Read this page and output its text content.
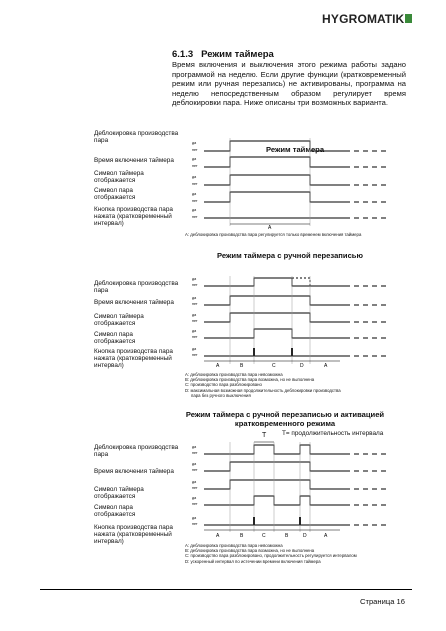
HYGROMATIK
6.1.3 Режим таймера
Время включения и выключения этого режима работы задано программой на неделю. Если другие функции (кратковременный режим или ручная перезапись) не активированы, программа на неделю непосредственным образом регулирует время деблокировки пара. Ниже описаны три возможных варианта.
Режим таймера
Деблокировка производства пара
Время включения таймера
Символ таймера отображается
Символ пара отображается
Кнопка производства пара нажата (кратковременный интервал)
A
да
нет
да
нет
да
нет
да
нет
да
нет
A: деблокировка производства пара регулируется только временем включения таймера
Режим таймера с ручной перезаписью
Деблокировка производства пара
Время включения таймера
Символ таймера отображается
Символ пара отображается
Кнопка производства пара нажата (кратковременный интервал)	A	B	C	D	A
да
нет
да
нет
да
нет
да
нет
да
нет
A: деблокировка производства пара невозможна
B: деблокировка производства пара возможна, но не выполнена
C: производство пара разблокировано
D: максимальная возможная продолжительность деблокировки производства
пара без ручного выключения
Режим таймера с ручной перезаписью и активацией
кратковременного режима
T T= продолжительность интервала
Деблокировка производства пара
Время включения таймера
Символ таймера отображается
Символ пара отображается
Кнопка производства пара нажата (кратковременный интервал)
A	B	C	B	D	A
да
нет
да
нет
да
нет
да
нет
да
нет
A: деблокировка производства пара невозможна
B: деблокировка производства пара возможна, но не выполнена
C: производство пара разблокировано, продолжительность регулируется интервалом
D: ускоренный интервал по истечении времени включения таймера
Страница 16
